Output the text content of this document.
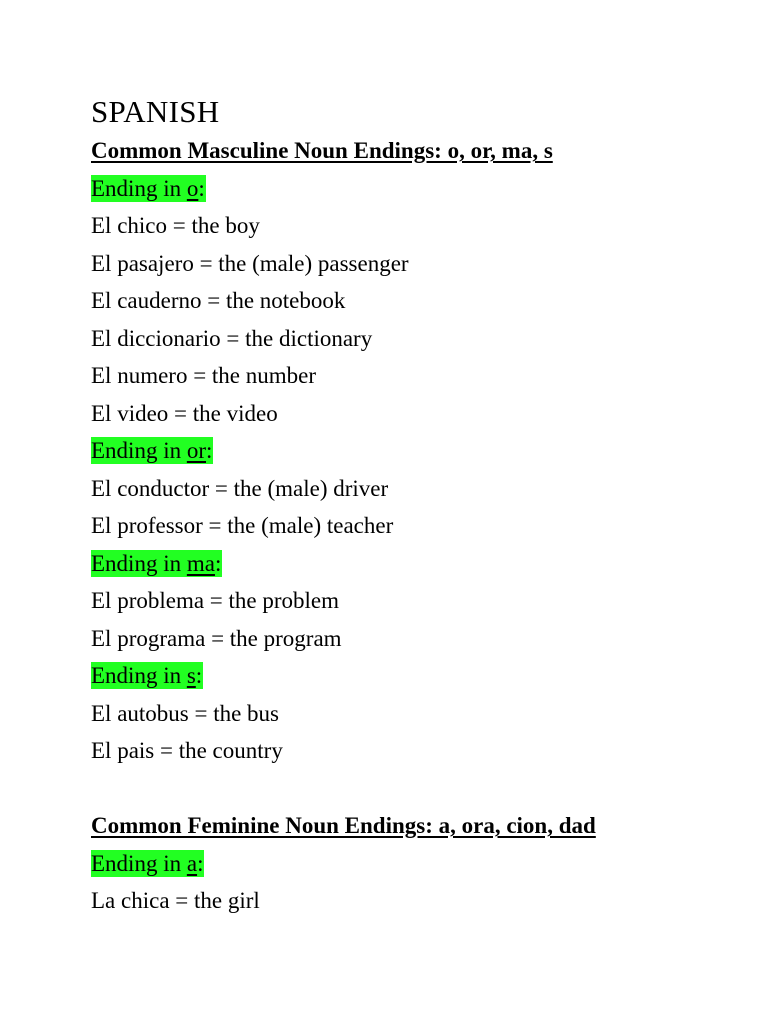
SPANISH
Common Masculine Noun Endings: o, or, ma, s
Ending in o:
El chico = the boy
El pasajero = the (male) passenger
El cauderno = the notebook
El diccionario = the dictionary
El numero = the number
El video = the video
Ending in or:
El conductor = the (male) driver
El professor = the (male) teacher
Ending in ma:
El problema = the problem
El programa = the program
Ending in s:
El autobus = the bus
El pais = the country
Common Feminine Noun Endings: a, ora, cion, dad
Ending in a:
La chica = the girl
